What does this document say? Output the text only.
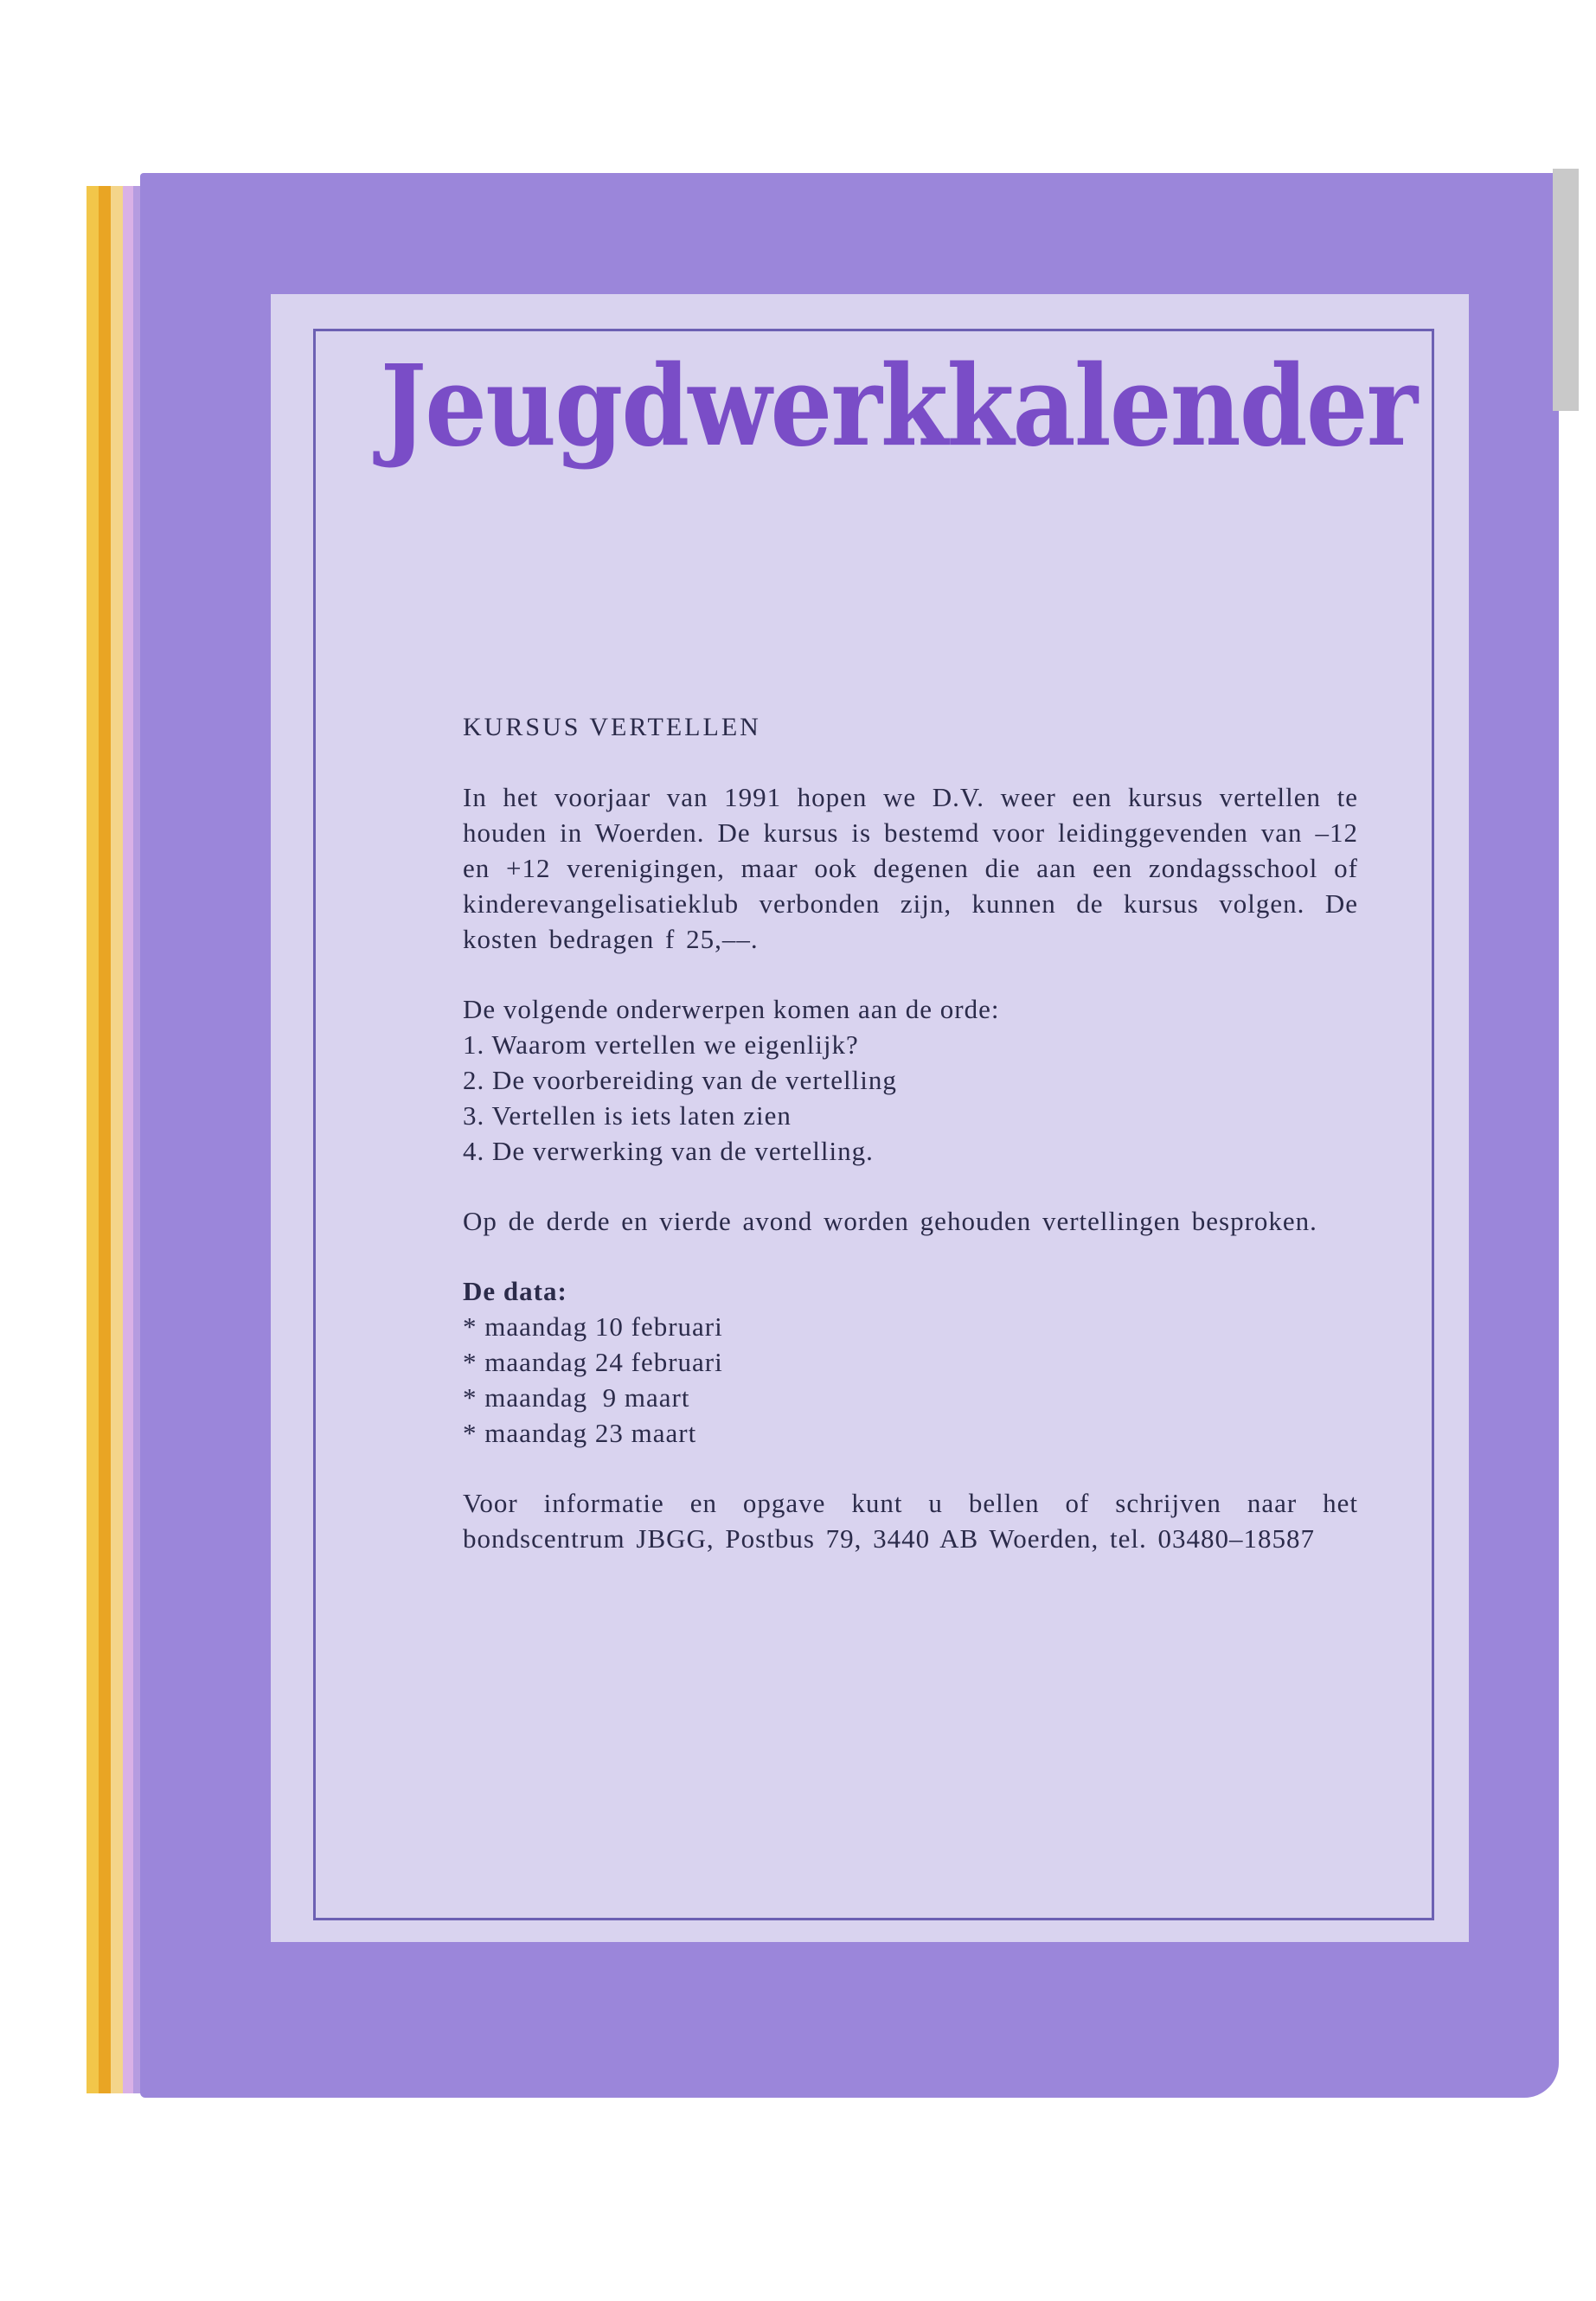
Jeugdwerkkalender

KURSUS VERTELLEN

In het voorjaar van 1991 hopen we D.V. weer een kursus vertellen te houden in Woerden. De kursus is bestemd voor leidinggevenden van –12 en +12 verenigingen, maar ook degenen die aan een zondagsschool of kinderevangelisatieklub verbonden zijn, kunnen de kursus volgen. De kosten bedragen f 25,––.

De volgende onderwerpen komen aan de orde:

1. Waarom vertellen we eigenlijk?
2. De voorbereiding van de vertelling
3. Vertellen is iets laten zien
4. De verwerking van de vertelling.

Op de derde en vierde avond worden gehouden vertellingen besproken.

De data:

* maandag 10 februari
* maandag 24 februari
* maandag  9 maart
* maandag 23 maart

Voor informatie en opgave kunt u bellen of schrijven naar het bondscentrum JBGG, Postbus 79, 3440 AB Woerden, tel. 03480–18587
